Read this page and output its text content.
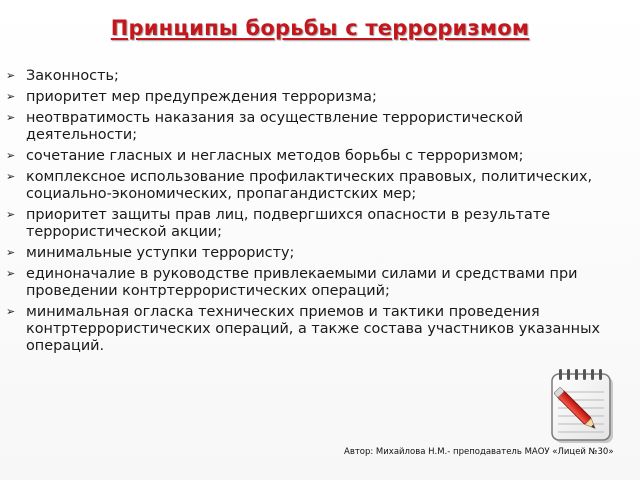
Принципы борьбы с терроризмом
➢ Законность;
➢ приоритет мер предупреждения терроризма;
➢ неотвратимость наказания за осуществление террористической деятельности;
➢ сочетание гласных и негласных методов борьбы с терроризмом;
➢ комплексное использование профилактических правовых, политических, социально-экономических, пропагандистских мер;
➢ приоритет защиты прав лиц, подвергшихся опасности в результате террористической акции;
➢ минимальные уступки террористу;
➢ единоначалие в руководстве привлекаемыми силами и средствами при проведении контртеррористических операций;
➢ минимальная огласка технических приемов и тактики проведения контртеррористических операций, а также состава участников указанных операций.
Автор: Михайлова Н.М.- преподаватель МАОУ «Лицей №30»
